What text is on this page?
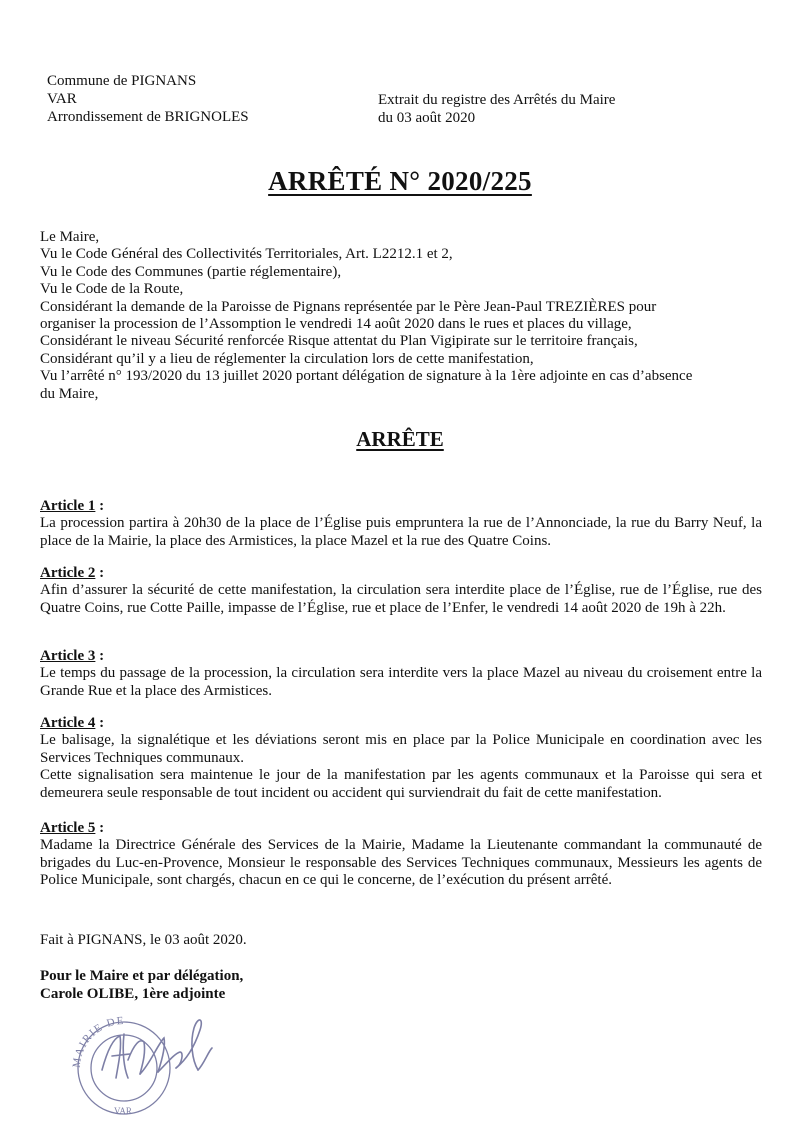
Commune de PIGNANS
VAR
Arrondissement de BRIGNOLES
Extrait du registre des Arrêtés du Maire
du 03 août 2020
ARRÊTÉ N° 2020/225
Le Maire,
Vu le Code Général des Collectivités Territoriales, Art. L2212.1 et 2,
Vu le Code des Communes (partie réglementaire),
Vu le Code de la Route,
Considérant la demande de la Paroisse de Pignans représentée par le Père Jean-Paul TREZIÈRES pour
organiser la procession de l’Assomption le vendredi 14 août 2020 dans le rues et places du village,
Considérant le niveau Sécurité renforcée Risque attentat du Plan Vigipirate sur le territoire français,
Considérant qu’il y a lieu de réglementer la circulation lors de cette manifestation,
Vu l’arrêté n° 193/2020 du 13 juillet 2020 portant délégation de signature à la 1ère adjointe en cas d’absence
du Maire,
ARRÊTE
Article 1 :
La procession partira à 20h30 de la place de l’Église puis empruntera la rue de l’Annonciade, la rue du Barry Neuf, la place de la Mairie, la place des Armistices, la place Mazel et la rue des Quatre Coins.
Article 2 :
Afin d’assurer la sécurité de cette manifestation, la circulation sera interdite place de l’Église, rue de l’Église, rue des Quatre Coins, rue Cotte Paille, impasse de l’Église, rue et place de l’Enfer, le vendredi 14 août 2020 de 19h à 22h.
Article 3 :
Le temps du passage de la procession, la circulation sera interdite vers la place Mazel au niveau du croisement entre la Grande Rue et la place des Armistices.
Article 4 :
Le balisage, la signalétique et les déviations seront mis en place par la Police Municipale en coordination avec les Services Techniques communaux.
Cette signalisation sera maintenue le jour de la manifestation par les agents communaux et la Paroisse qui sera et demeurera seule responsable de tout incident ou accident qui surviendrait du fait de cette manifestation.
Article 5 :
Madame la Directrice Générale des Services de la Mairie, Madame la Lieutenante commandant la communauté de brigades du Luc-en-Provence, Monsieur le responsable des Services Techniques communaux, Messieurs les agents de Police Municipale, sont chargés, chacun en ce qui le concerne, de l’exécution du présent arrêté.
Fait à PIGNANS, le 03 août 2020.
Pour le Maire et par délégation,
Carole OLIBE, 1ère adjointe
MAIRIE DE
VAR
